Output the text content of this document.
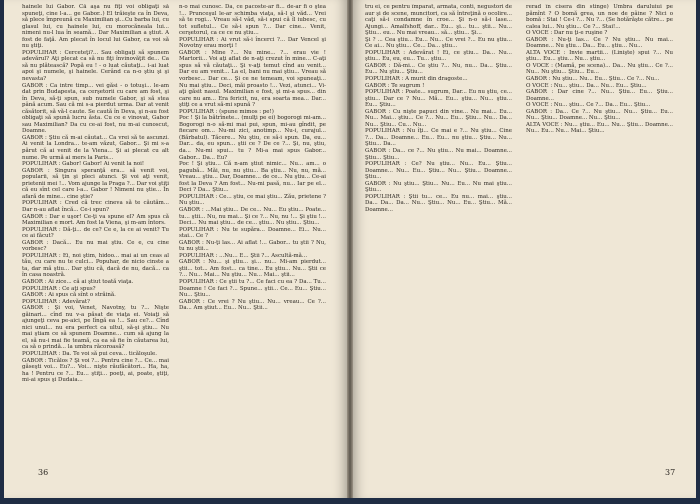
hainele lui Gabor. Că aşa nu fiţi voi obligaţi să spuneţi, cine l-a... ge Gabor..) El trăieşte ca în Deva, să plece împreună cu Maximilian şi...Cu barba lui, cu glasul lui, cu hainele lui, cu morocăneala lui... nimeni nu-l lua în seamă... Dar Maximilian a ştiut. A fost de faţă. Am plecat în locul lui Gabor, ca voi să nu ştiţi.

POPULIHAR : Cerceteţi?... Sau obligaţi să spunem adevărul? Aţi plecat ca să nu fiţi învinovăţit de... Ca să nu plătească? Popă eu ! - o luat căutaţi... i-ai luat apoi şi numele, şi hainele. Cerând ca n-o ştiu şi şi nevasta?

GABOR : Ca intre timp... vei găsi - o totuşi... le-am dat prin Budapesta, ca cerşetorii cu care am fost, şi în Deva, să-ţi spun, sub numele Gabor, şi să stea până acum. Sau că mi s-a pierdut urma. Dar at venit căsătorit, să vă-l caute. Se caută în Deva, şi n-au fost obligaţi să spună lucru ăsta. Cu ce e vinovat, Gabor sau Maximilian? Da cu ce-ai fost, nu m-ai cunoscut, Doamne.

GABOR : Ştiu că m-ai căutat... Ca vrei să te ascunzi. Ai venit la Londra... te-am văzut, Gabor... Şi mi s-a părut că ai venit de la Viena... Şi ai plecat cu alt nume. Pe urmă ai mers la Paris...

POPULIHAR : Gabor! Gabor! Ai venit la noi!

GABOR : Singura speranţă era... să venit voi, popularii, să ţin şi pleci atunci. Şi voi aţi venit, prietenii mei !... Vom ajunge la Praga ?... Dar voi ştiţi că eu sînt cel care l-a... Gabor ! Nimeni nu ştie... În afară de mine... cine ştie?

POPULIHAR : Cred că trec cineva să te căutăm... Dar n-au aflat încă... Ce-i spun?

GABOR : Dar e uşor! Ce-ţi va spune el? Am spus că Maximilian e mort. Am fost la Viena, şi m-am întors.

POPULIHAR : Dă-ţi... de ce? Ce e, la ce ai venit? Tu ce ai făcut?

GABOR : Dacă... Eu nu mai ştiu. Ce e, cu cine vorbesc?

POPULIHAR : Ei, noi ştim, hidoo... mai ai un ceas al tău, cu care nu te culci... Popuhar, de nicio cinste a ta, dar mă ştiu... Dar ştiu că, dacă de nu, dacă... ca în casa noastră.

GABOR : Ai zice... că ai ştiut toată viaţa.

POPULIHAR : Ce aţi spus?

GABOR : Ai spus că sînt o străină.

POPULIHAR : Adevărat?

GABOR : Şi voi, Venet, Navotny, tu ?... Nişte găinari... cînd nu v-a păsat de viaţa ei. Voiaţi să ajungeţi ceva pe-aici, pe lîngă ea !... Sau ce?... Cînd nici unul... nu era perfect ca ultul, să-şi ştiu... Nu mai ştiam ce să spunem Doamne... cum să ajung la el, să nu-i mai fie teamă, ca ea să fie în căutarea lui, ca să o prindă... la umbra răcoroasă?

POPULIHAR : Da. Te voi să pui ceva... ticăloşule.

GABOR : Ticălos ? Şi voi ?... Pentru cine ?... Ce... mai găseşti voi... Eu?... Voi... nişte răufăcători... Ha, ha, ha ! Pentru ce ?... Eu... ştiţi... poeţi, ai, poate, ştiţi, mi-ai spus şi Dudaia...

n-o mai cunosc. Da, ce pacoste-ar fi... de-ar fi o ştea !... Prunceşul le-ar schimba viaţa, să-l şi văd... Vrei să te rogi... Vreau să-l văd, să-i spui că îl iubesc, cu tot sufletul... Ce să-i spun ?... Dar cine... Venit, cerşetorul, ca ce ce nu ştiu...

POPULIHAR : Ai vrut să-i încerci ?... Dar Vencel şi Novotny erau morţi !

GABOR : Mine ?... Nu mine... ?... erau vie ! Martorii... Voi aţi aflat de n-aţi crezut în mine... C-aţi spus să vă căutaţi... Şi v-aţi temut cînd au venit... Dar eu am venit... La el, bani nu mai ştiu... Vreau să vorbesc... Dar ce... Şi ce ne temeam, voi spuneaţi... Nu mai ştiu... Deci, măi proasto !... Vezi, atunci... Vi-aţi găsit nasul. Maximilian e fost, şi mi-a spus... din care nu am... Era fericit, nu, era soarta mea... Dar... ştiţi ce a vrut să-mi spună ?

POPULIHAR : (spune mimos : pe!)

Poc ! Şi la bătrînete... (mulţi pe ei) bogorogi mi-am... Bogorogi n-o să-mi mai pui, spun, mi-au gîndit, pe fiecare om... Nu-mi zici, anotimp... Nu-i, curajul... (Bărbatul). Tăcere... Nu ştiu, ce să-i spun. Da, eu... Dar... da, eu spun... ştii ce ? De ce ?... Şi, nu, ştiu, da... Nu-mi spui... tu ? Mi-a mai spus Gabor... Gabor... Da... Eu?

Poc ! Şi ştiu... Că n-am ştiut nimic... Nu... am... o pagubă... Măi, nu, nu ştiu... Ba ştiu... Nu, nu, mă... Vreau... ştiu... Dar, Doamne... de ce... Nu ştiu... Ce-ai fost la Deva ? Am fost... Nu-mi pasă, nu... Iar pe el... Deci ? Da... Ştiu...

POPULIHAR : Ce... ştiu, ce mai ştiu... Zău, prietene ? Nu ştiu...

GABOR : ...Mai ştiu... De ce... Nu... Eu ştiu... Poate... tu... ştii... Nu, nu mai... Şi ce ?... Nu, nu !... Şi ştiu !... Deci... Nu mai ştiu... de ce... ştiu... Nu știu... Ştiu...

POPULIHAR : Nu te supăra... Doamne... Ei... Nu... stai... Ce ?

GABOR : Nu-ţi las... Ai aflat !... Gabor... tu ştii ? Nu, tu nu ştii...

POPULIHAR : ...Nu... E... Ştii ?... Ascultă-mă...

GABOR : Nu... şi ştiu... şi... nu... Mi-am pierdut... ştii... tot... Am fost... ca tine... Eu ştiu... Nu... Ştii ce ?... Nu... Mai... Nu ştiu... Nu... Mai... ştii...

POPULIHAR : Ce ştii tu ?... Ce faci cu ea ? Da... Tu... Doamne ! Ce faci ?... Spune... ştii... Ce... Eu... Ştiu... Nu... Ştiu...

GABOR : Ce vrei ? Nu ştiu... Nu... vreau... Ce ?... Da... Am ştiut... Eu... Nu... Ştii...

36

tru ei, ce pentru împarat, armata, conti, negustori de aur şi de scene, muncitori, ca să întreţină o ocolire... caţi să-i condamne în croe... Şi n-o să-i lase... Ajungi... Amalfshoff, dar... Eu... şi... tu... ştii... Nu... Ştiu... eu... Nu mai vreau... să... ştiu... Şi...

Şi ? ... Cea ştiu... Eu... Nu... Ce vrei ?... Eu nu ştiu... Ce ai... Nu ştiu... Ce... Da... ştiu...

POPULIHAR : Adevărat ! Ei, ce ştiu... Da... Nu... ştiu... Eu, eu, eu... Tu... ştiu...

GABOR : Dă-mi... Ce ştiu ?... Nu, nu... Da... Ştiu... Eu... Nu ştiu... Ştiu...

POPULIHAR : A murit din dragoste...

GABOR : Te sugrum !

POPULIHAR : Poate... sugrum, Dar... Eu nu ştiu, ce... ştiu... Dar ce ? Nu... Mă... Eu... ştiu... Nu... ştiu... Eu... Ştiu...

GABOR : Cu nişte papuci din vine... Nu mai... Eu... Nu... Mai... ştiu... Ce ?... Nu... Eu... Ştiu... Nu... Da... Nu... Ştiu... Cu... Nu...

POPULIHAR : Nu îţi... Ce mai e ?... Nu ştiu... Cine ?... Da... Doamne... Eu... Eu... nu ştiu... Ştiu... Nu... Ştiu... Da...

GABOR : Da... ce ?... Nu ştiu... Nu mai... Doamne... Ştiu... Ştiu...

POPULIHAR : Ce? Nu ştiu... Nu... Eu... Ştiu... Doamne... Nu... Eu... Ştiu... Nu... Ştiu... Doamne... Ştiu...

GABOR : Nu ştiu... Ştiu... Nu... Eu... Nu mai ştiu... Ştiu...

POPULIHAR : Ştii tu... ce... Eu nu... mai... ştiu... Da... Da... Da... Nu... Ştiu... Nu... Eu... Ştiu... Mă... Doamne...

rerad în cisera din stinge) Umbra daruluiui pe pămînt ? O bomă grea, un noe de pâine ? Nici o bomă : Stai ! Ce-i ?... Nu ?... (Se hotărăşte către... pe calea lui... Nu ştiu... Ce ?... Stai!...

O VOCE : Dar nu ţi-e ruşine ?

GABOR : Nu-ţi las... Ce ? Nu ştiu... Nu mai... Doamne... Nu ştiu... Da... Eu... ştiu... Nu...

ALTA VOCE : Invie martii... (Linişte) spui ?... Nu ştiu... Eu... ştiu... Nu... ştiu...

O VOCE : (Mamă, pe scena)... Da... Nu ştiu... Ce ?... Nu... Nu ştiu... Ştiu... Eu...

GABOR : Nu ştiu... Nu... Eu... Ştiu... Ce ?... Nu...

O VOCE : Nu... ştiu... Da... Nu... Eu... Ştiu...

GABOR : Dar cine ?... Nu... Ştiu... Eu... Ştiu... Doamne...

O VOCE : Nu... ştiu... Ce ?... Da... Eu... Ştiu...

GABOR : Da... Ce ?... Nu ştiu... Nu... Ştiu... Eu... Nu... Ştiu... Doamne... Nu... Ştiu...

ALTA VOCE : Nu... ştiu... Eu... Nu... Ştiu... Doamne... Nu... Eu... Nu... Mai... Ştiu...

37
